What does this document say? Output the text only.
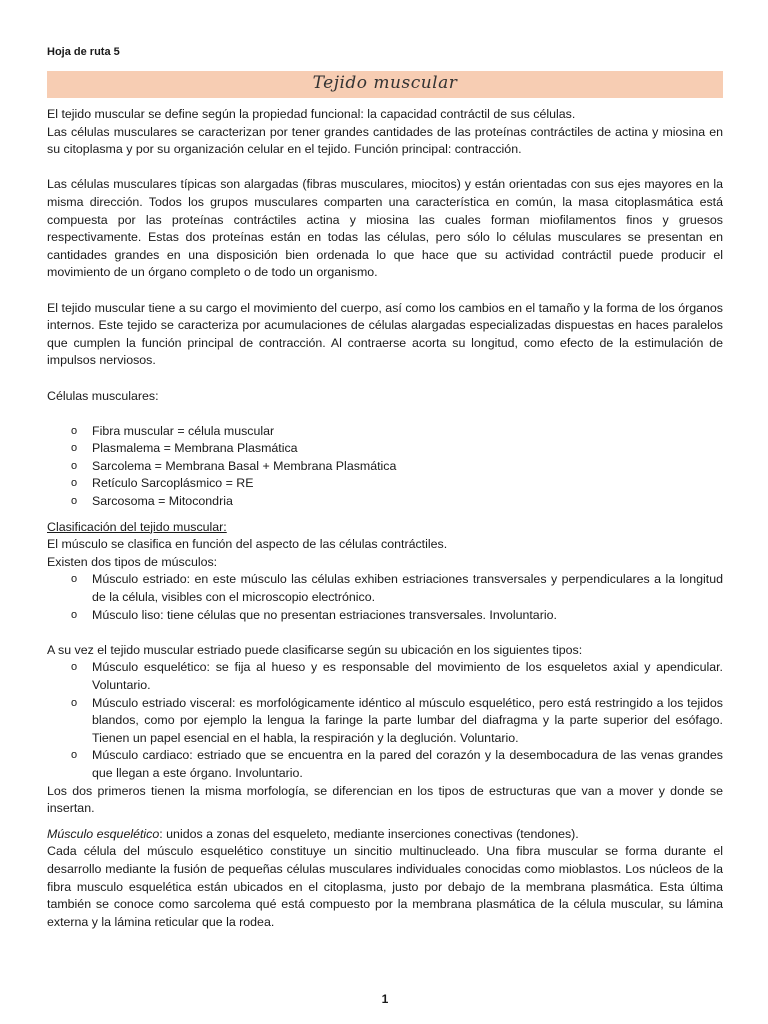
Hoja de ruta 5
Tejido muscular

El tejido muscular se define según la propiedad funcional: la capacidad contráctil de sus células.

Las células musculares se caracterizan por tener grandes cantidades de las proteínas contráctiles de actina y miosina en su citoplasma y por su organización celular en el tejido. Función principal: contracción.

Las células musculares típicas son alargadas (fibras musculares, miocitos) y están orientadas con sus ejes mayores en la misma dirección. Todos los grupos musculares comparten una característica en común, la masa citoplasmática está compuesta por las proteínas contráctiles actina y miosina las cuales forman miofilamentos finos y gruesos respectivamente. Estas dos proteínas están en todas las células, pero sólo lo células musculares se presentan en cantidades grandes en una disposición bien ordenada lo que hace que su actividad contráctil puede producir el movimiento de un órgano completo o de todo un organismo.

El tejido muscular tiene a su cargo el movimiento del cuerpo, así como los cambios en el tamaño y la forma de los órganos internos. Este tejido se caracteriza por acumulaciones de células alargadas especializadas dispuestas en haces paralelos que cumplen la función principal de contracción. Al contraerse acorta su longitud, como efecto de la estimulación de impulsos nerviosos.

Células musculares:

o Fibra muscular = célula muscular
o Plasmalema = Membrana Plasmática
o Sarcolema = Membrana Basal + Membrana Plasmática
o Retículo Sarcoplásmico = RE
o Sarcosoma = Mitocondria

Clasificación del tejido muscular:

El músculo se clasifica en función del aspecto de las células contráctiles.

Existen dos tipos de músculos:

o Músculo estriado: en este músculo las células exhiben estriaciones transversales y perpendiculares a la longitud de la célula, visibles con el microscopio electrónico.
o Músculo liso: tiene células que no presentan estriaciones transversales. Involuntario.

A su vez el tejido muscular estriado puede clasificarse según su ubicación en los siguientes tipos:

o Músculo esquelético: se fija al hueso y es responsable del movimiento de los esqueletos axial y apendicular. Voluntario.
o Músculo estriado visceral: es morfológicamente idéntico al músculo esquelético, pero está restringido a los tejidos blandos, como por ejemplo la lengua la faringe la parte lumbar del diafragma y la parte superior del esófago. Tienen un papel esencial en el habla, la respiración y la deglución. Voluntario.
o Músculo cardiaco: estriado que se encuentra en la pared del corazón y la desembocadura de las venas grandes que llegan a este órgano. Involuntario.

Los dos primeros tienen la misma morfología, se diferencian en los tipos de estructuras que van a mover y donde se insertan.

Músculo esquelético: unidos a zonas del esqueleto, mediante inserciones conectivas (tendones).

Cada célula del músculo esquelético constituye un sincitio multinucleado. Una fibra muscular se forma durante el desarrollo mediante la fusión de pequeñas células musculares individuales conocidas como mioblastos. Los núcleos de la fibra musculo esquelética están ubicados en el citoplasma, justo por debajo de la membrana plasmática. Esta última también se conoce como sarcolema qué está compuesto por la membrana plasmática de la célula muscular, su lámina externa y la lámina reticular que la rodea.

1
